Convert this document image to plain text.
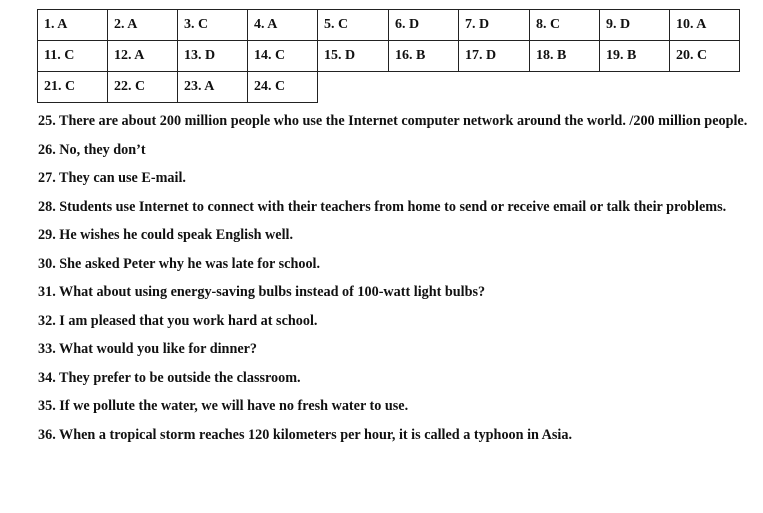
1. A	2. A	3. C	4. A	5. C	6. D	7. D	8. C	9. D	10. A
11. C	12. A	13. D	14. C	15. D	16. B	17. D	18. B	19. B	20. C
21. C	22. C	23. A	24. C						
25. There are about 200 million people who use the Internet computer network around the world. /200 million people.
26. No, they don’t
27. They can use E-mail.
28. Students use Internet to connect with their teachers from home to send or receive email or talk their problems.
29. He wishes he could speak English well.
30. She asked Peter why he was late for school.
31. What about using energy-saving bulbs instead of 100-watt light bulbs?
32. I am pleased that you work hard at school.
33. What would you like for dinner?
34. They prefer to be outside the classroom.
35. If we pollute the water, we will have no fresh water to use.
36. When a tropical storm reaches 120 kilometers per hour, it is called a typhoon in Asia.
